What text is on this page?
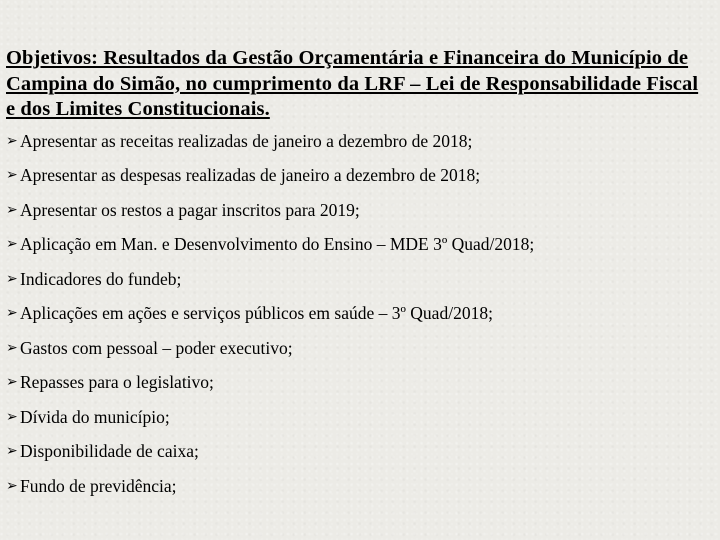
Objetivos: Resultados da Gestão Orçamentária e Financeira do Município de Campina do Simão, no cumprimento da LRF – Lei de Responsabilidade Fiscal e dos Limites Constitucionais.
➢ Apresentar as receitas realizadas de janeiro a dezembro de 2018;
➢ Apresentar as despesas realizadas de janeiro a dezembro de 2018;
➢ Apresentar os restos a pagar inscritos para 2019;
➢ Aplicação em Man. e Desenvolvimento do Ensino – MDE 3º Quad/2018;
➢ Indicadores do fundeb;
➢ Aplicações em ações e serviços públicos em saúde – 3º Quad/2018;
➢ Gastos com pessoal – poder executivo;
➢ Repasses para o legislativo;
➢ Dívida do município;
➢ Disponibilidade de caixa;
➢ Fundo de previdência;
